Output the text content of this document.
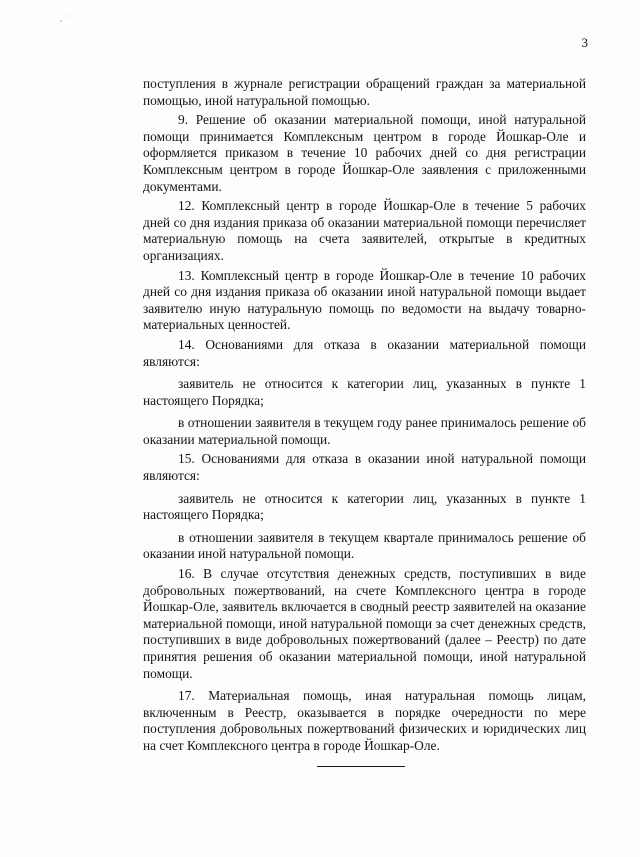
3

поступления в журнале регистрации обращений граждан за материальной помощью, иной натуральной помощью.

9. Решение об оказании материальной помощи, иной натуральной помощи принимается Комплексным центром в городе Йошкар-Оле и оформляется приказом в течение 10 рабочих дней со дня регистрации Комплексным центром в городе Йошкар-Оле заявления с приложенными документами.

12. Комплексный центр в городе Йошкар-Оле в течение 5 рабочих дней со дня издания приказа об оказании материальной помощи перечисляет материальную помощь на счета заявителей, открытые в кредитных организациях.

13. Комплексный центр в городе Йошкар-Оле в течение 10 рабочих дней со дня издания приказа об оказании иной натуральной помощи выдает заявителю иную натуральную помощь по ведомости на выдачу товарно-материальных ценностей.

14. Основаниями для отказа в оказании материальной помощи являются:

заявитель не относится к категории лиц, указанных в пункте 1 настоящего Порядка;

в отношении заявителя в текущем году ранее принималось решение об оказании материальной помощи.

15. Основаниями для отказа в оказании иной натуральной помощи являются:

заявитель не относится к категории лиц, указанных в пункте 1 настоящего Порядка;

в отношении заявителя в текущем квартале принималось решение об оказании иной натуральной помощи.

16. В случае отсутствия денежных средств, поступивших в виде добровольных пожертвований, на счете Комплексного центра в городе Йошкар-Оле, заявитель включается в сводный реестр заявителей на оказание материальной помощи, иной натуральной помощи за счет денежных средств, поступивших в виде добровольных пожертвований (далее – Реестр) по дате принятия решения об оказании материальной помощи, иной натуральной помощи.

17. Материальная помощь, иная натуральная помощь лицам, включенным в Реестр, оказывается в порядке очередности по мере поступления добровольных пожертвований физических и юридических лиц на счет Комплексного центра в городе Йошкар-Оле.
